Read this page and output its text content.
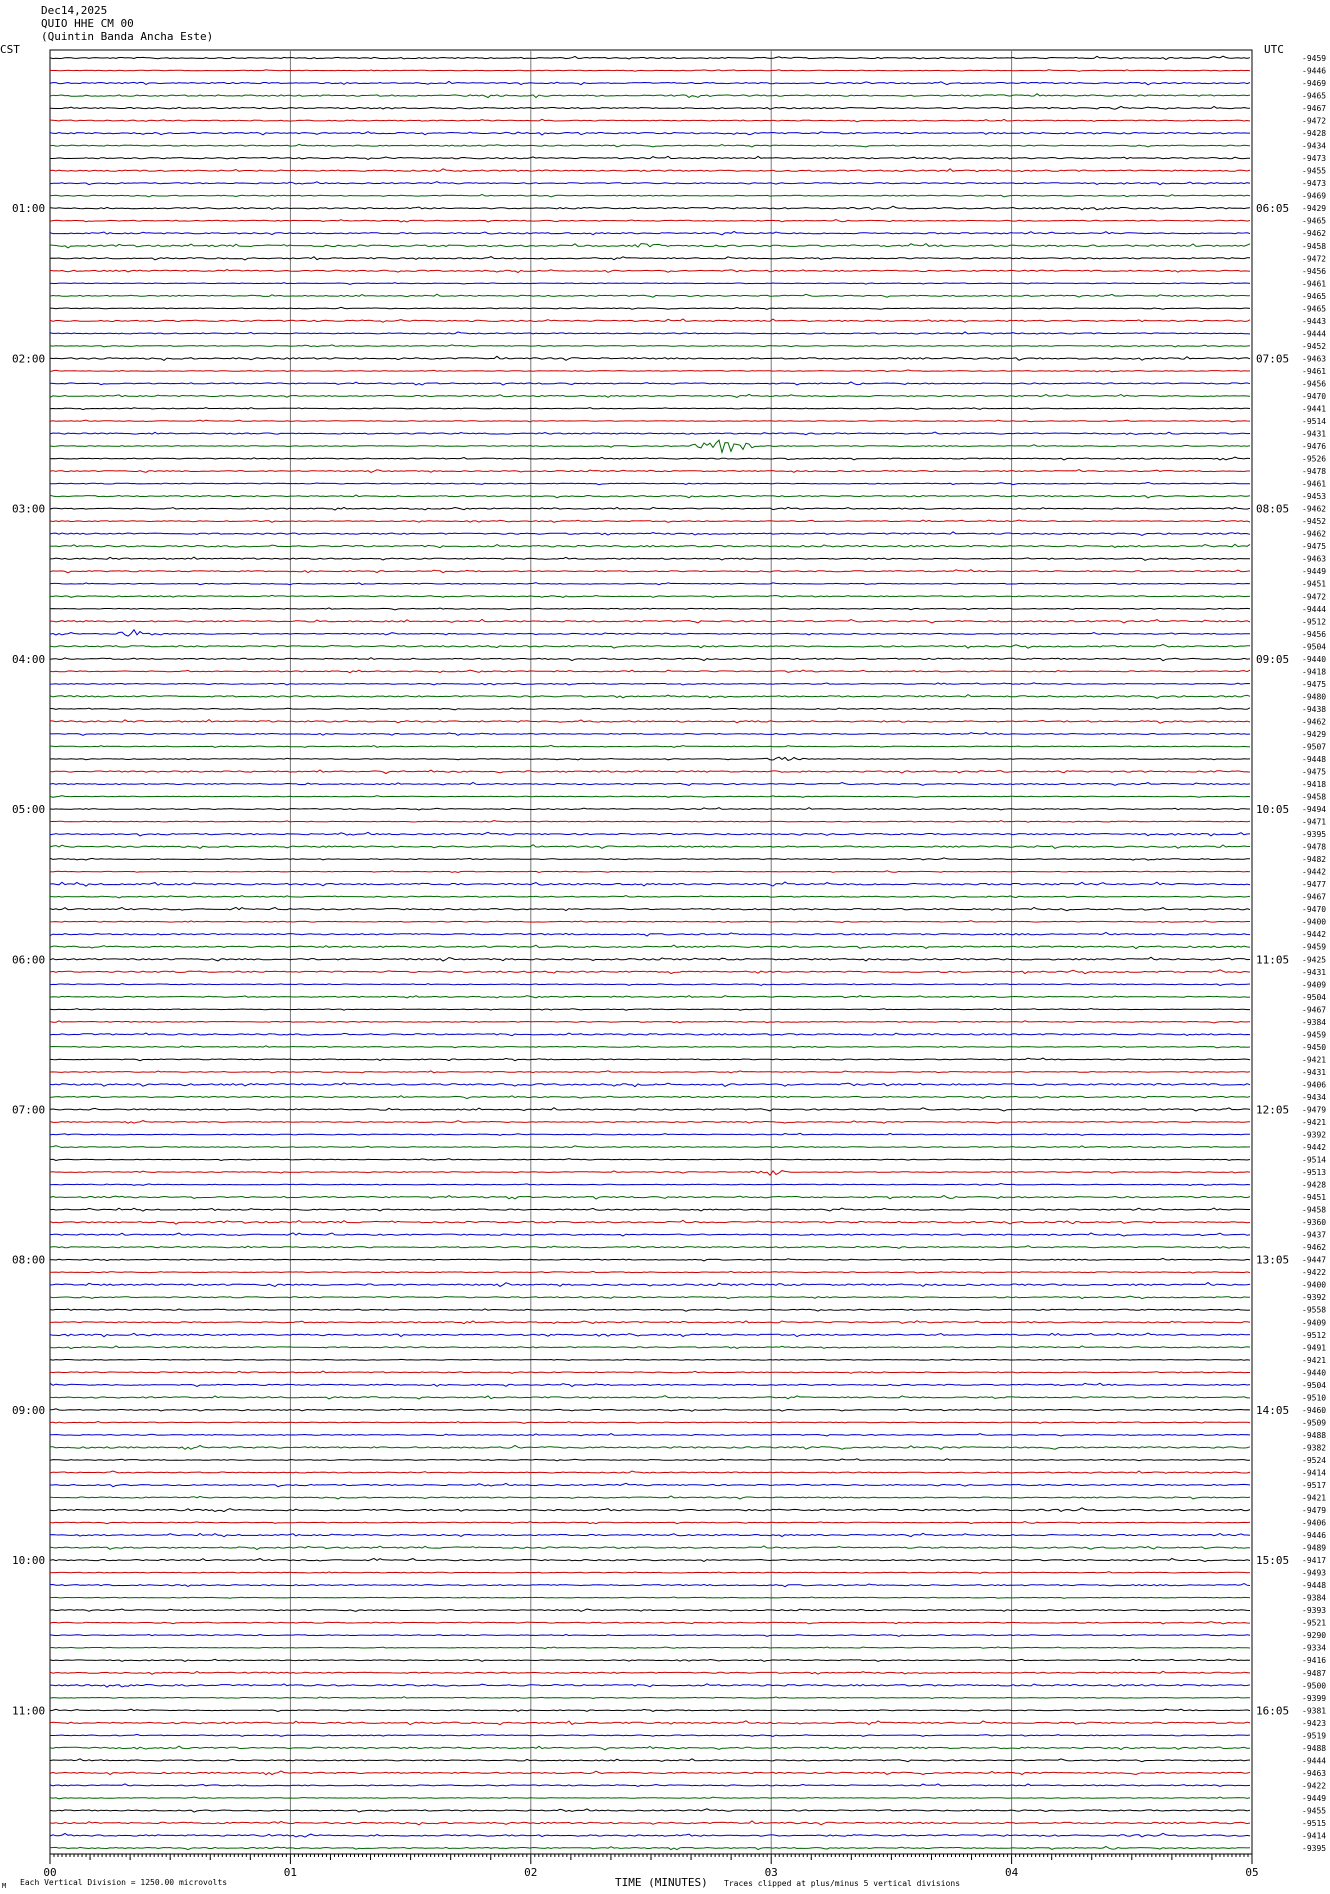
Dec14,2025
QUIO HHE CM 00
(Quintin Banda Ancha Este)
CST	UTC
-9459
-9446
-9469
-9465
-9467
-9472
-9428
-9434
-9473
-9455
-9473
-9469
-9429
-9465
-9462
-9458
-9472
-9456
-9461
-9465
-9465
-9443
-9444
-9452
-9463
-9461
-9456
-9470
-9441
-9514
-9431
-9476
-9526
-9478
-9461
-9453
-9462
-9452
-9462
-9475
-9463
-9449
-9451
-9472
-9444
-9512
-9456
-9504
-9440
-9418
-9475
-9480
-9438
-9462
-9429
-9507
-9448
-9475
-9418
-9458
-9494
-9471
-9395
-9478
-9482
-9442
-9477
-9467
-9470
-9400
-9442
-9459
-9425
-9431
-9409
-9504
-9467
-9384
-9459
-9450
-9421
-9431
-9406
-9434
-9479
-9421
-9392
-9442
-9514
-9513
-9428
-9451
-9458
-9360
-9437
-9462
-9447
-9422
-9400
-9392
-9558
-9409
-9512
-9491
-9421
-9440
-9504
-9510
-9460
-9509
-9488
-9382
-9524
-9414
-9517
-9421
-9479
-9406
-9446
-9489
-9417
-9493
-9448
-9384
-9393
-9521
-9290
-9334
-9416
-9487
-9500
-9399
-9381
-9423
-9519
-9488
-9444
-9463
-9422
-9449
-9455
-9515
-9414
-9395
01:00
02:00
03:00
04:00
05:00
06:00
07:00
08:00
09:00
10:00
11:00
06:05
07:05
08:05
09:05
10:05
11:05
12:05
13:05
14:05
15:05
16:05
00	01	02	03	04	05
M Each Vertical Division = 1250.00 microvolts	TIME (MINUTES) Traces clipped at plus/minus 5 vertical divisions
